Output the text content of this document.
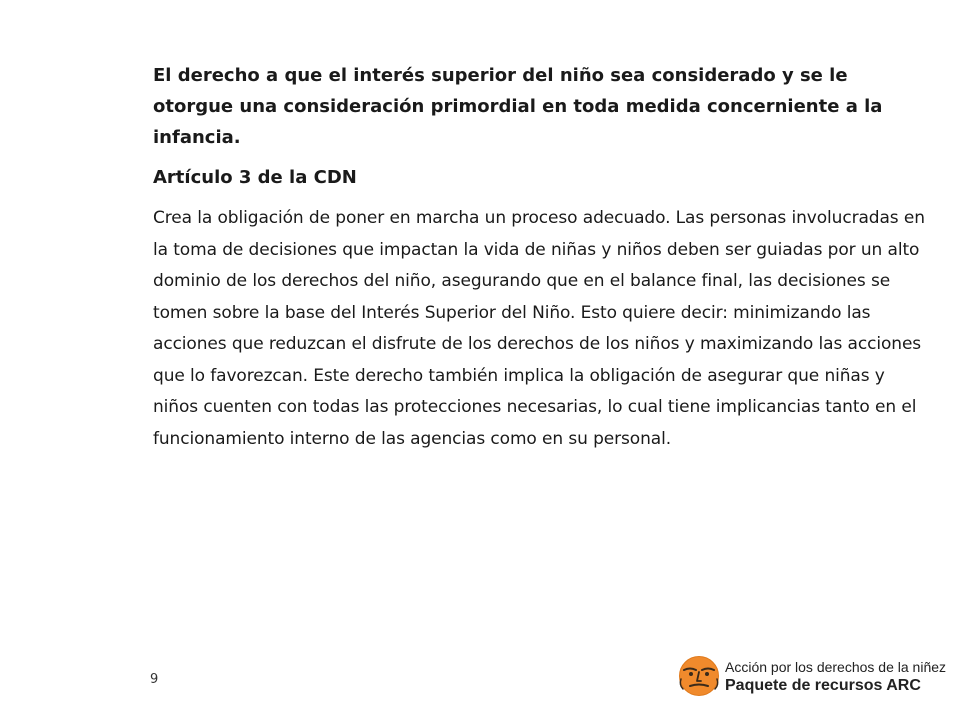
El derecho a que el interés superior del niño sea considerado y se le otorgue una consideración primordial en toda medida concerniente a la infancia.

Artículo 3 de la CDN

Crea la obligación de poner en marcha un proceso adecuado. Las personas involucradas en la toma de decisiones que impactan la vida de niñas y niños deben ser guiadas por un alto dominio de los derechos del niño, asegurando que en el balance final, las decisiones se tomen sobre la base del Interés Superior del Niño. Esto quiere decir: minimizando las acciones que reduzcan el disfrute de los derechos de los niños y maximizando las acciones que lo favorezcan. Este derecho también implica la obligación de asegurar que niñas y niños cuenten con todas las protecciones necesarias, lo cual tiene implicancias tanto en el funcionamiento interno de las agencias como en su personal.

9
Acción por los derechos de la niñez
Paquete de recursos ARC
